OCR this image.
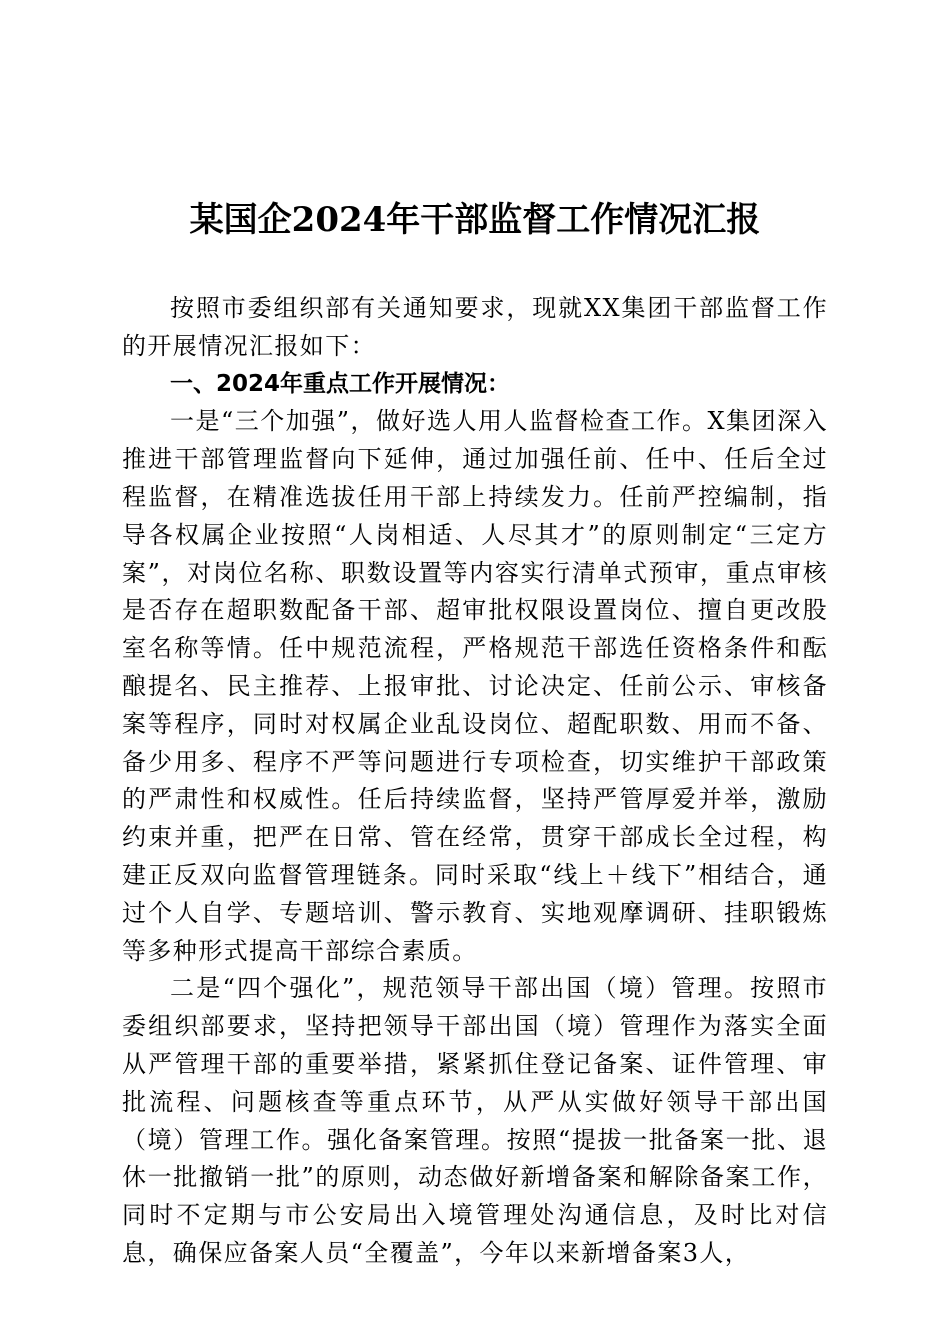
某国企2024年干部监督工作情况汇报

按照市委组织部有关通知要求，现就XX集团干部监督工作的开展情况汇报如下：

一、2024年重点工作开展情况：

一是“三个加强”，做好选人用人监督检查工作。X集团深入推进干部管理监督向下延伸，通过加强任前、任中、任后全过程监督，在精准选拔任用干部上持续发力。任前严控编制，指导各权属企业按照“人岗相适、人尽其才”的原则制定“三定方案”，对岗位名称、职数设置等内容实行清单式预审，重点审核是否存在超职数配备干部、超审批权限设置岗位、擅自更改股室名称等情。任中规范流程，严格规范干部选任资格条件和酝酿提名、民主推荐、上报审批、讨论决定、任前公示、审核备案等程序，同时对权属企业乱设岗位、超配职数、用而不备、备少用多、程序不严等问题进行专项检查，切实维护干部政策的严肃性和权威性。任后持续监督，坚持严管厚爱并举，激励约束并重，把严在日常、管在经常，贯穿干部成长全过程，构建正反双向监督管理链条。同时采取“线上＋线下”相结合，通过个人自学、专题培训、警示教育、实地观摩调研、挂职锻炼等多种形式提高干部综合素质。

二是“四个强化”，规范领导干部出国（境）管理。按照市委组织部要求，坚持把领导干部出国（境）管理作为落实全面从严管理干部的重要举措，紧紧抓住登记备案、证件管理、审批流程、问题核查等重点环节，从严从实做好领导干部出国（境）管理工作。强化备案管理。按照“提拔一批备案一批、退休一批撤销一批”的原则，动态做好新增备案和解除备案工作，同时不定期与市公安局出入境管理处沟通信息，及时比对信息，确保应备案人员“全覆盖”，今年以来新增备案3人，
